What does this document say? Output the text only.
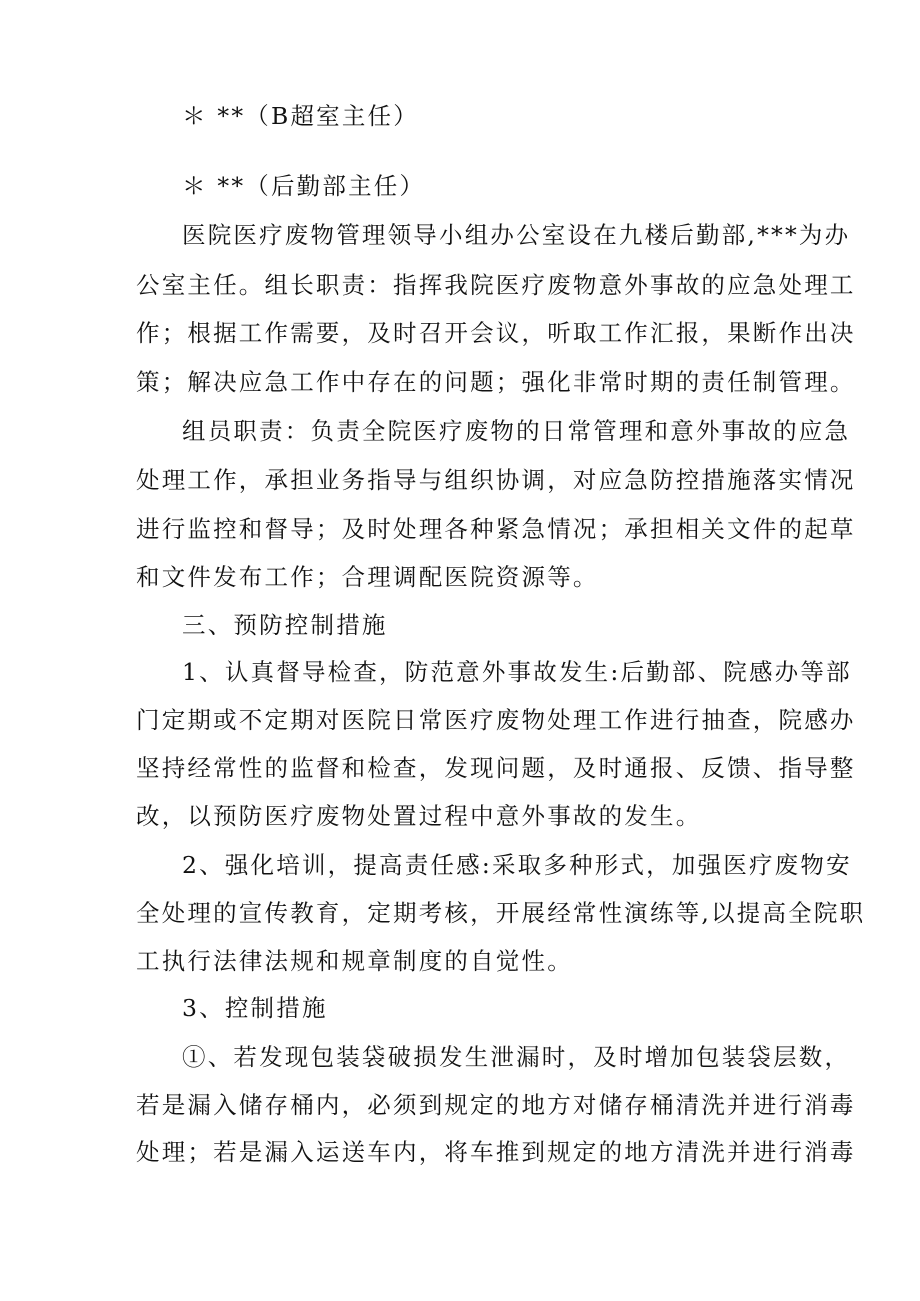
＊ **（B超室主任）
＊ **（后勤部主任）
医院医疗废物管理领导小组办公室设在九楼后勤部,***为办
公室主任。组长职责：指挥我院医疗废物意外事故的应急处理工
作；根据工作需要，及时召开会议，听取工作汇报，果断作出决
策；解决应急工作中存在的问题；强化非常时期的责任制管理。
组员职责：负责全院医疗废物的日常管理和意外事故的应急
处理工作，承担业务指导与组织协调，对应急防控措施落实情况
进行监控和督导；及时处理各种紧急情况；承担相关文件的起草
和文件发布工作；合理调配医院资源等。
三、预防控制措施
1、认真督导检查，防范意外事故发生:后勤部、院感办等部
门定期或不定期对医院日常医疗废物处理工作进行抽查，院感办
坚持经常性的监督和检查，发现问题，及时通报、反馈、指导整
改，以预防医疗废物处置过程中意外事故的发生。
2、强化培训，提高责任感:采取多种形式，加强医疗废物安
全处理的宣传教育，定期考核，开展经常性演练等,以提高全院职
工执行法律法规和规章制度的自觉性。
3、控制措施
①、若发现包装袋破损发生泄漏时，及时增加包装袋层数，
若是漏入储存桶内，必须到规定的地方对储存桶清洗并进行消毒
处理；若是漏入运送车内，将车推到规定的地方清洗并进行消毒
